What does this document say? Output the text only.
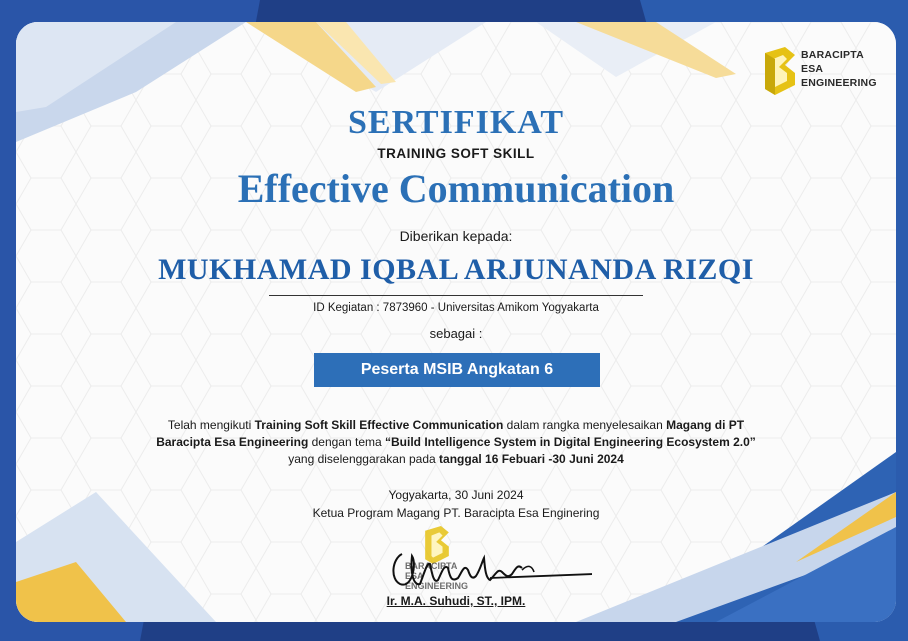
BARACIPTA
ESA
ENGINEERING
SERTIFIKAT
TRAINING SOFT SKILL
Effective Communication
Diberikan kepada:
MUKHAMAD IQBAL ARJUNANDA RIZQI
ID Kegiatan : 7873960 - Universitas Amikom Yogyakarta
sebagai :
Peserta MSIB Angkatan 6
Telah mengikuti Training Soft Skill Effective Communication dalam rangka menyelesaikan Magang di PT
Baracipta Esa Engineering dengan tema “Build Intelligence System in Digital Engineering Ecosystem 2.0”
yang diselenggarakan pada tanggal 16 Febuari -30 Juni 2024
Yogyakarta, 30 Juni 2024
Ketua Program Magang PT. Baracipta Esa Enginering
BARACIPTA
ESA
ENGINEERING
Ir. M.A. Suhudi, ST., IPM.
